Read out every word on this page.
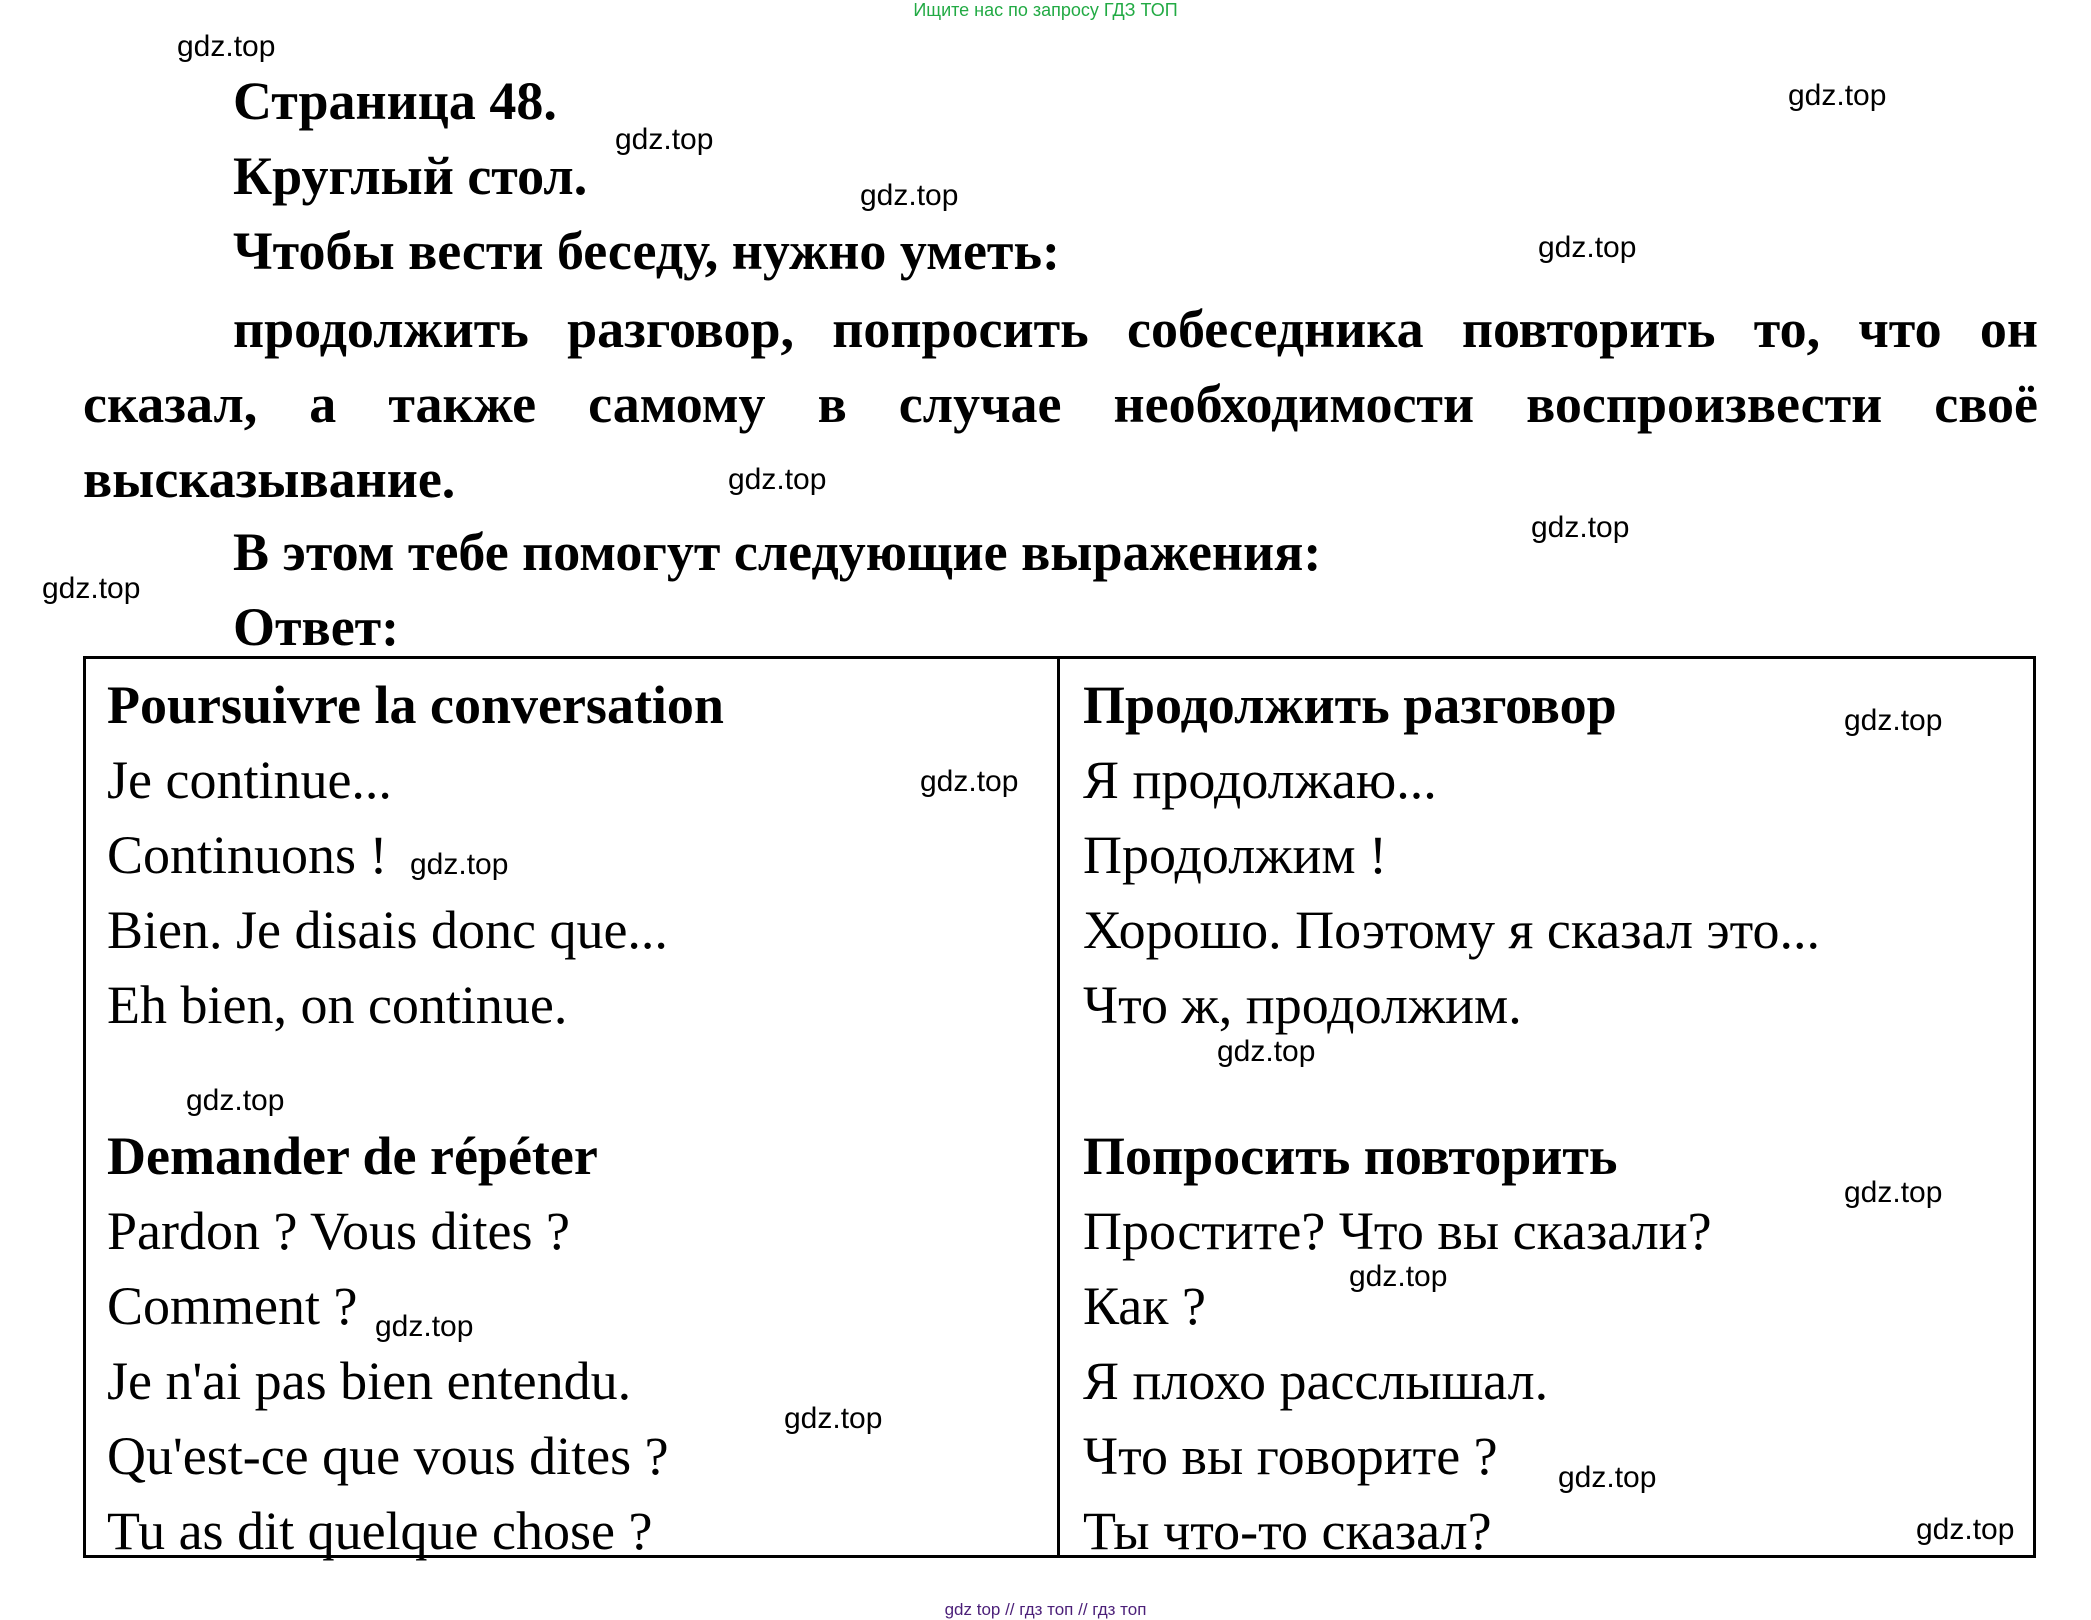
Ищите нас по запросу ГДЗ ТОП
gdz top // гдз топ // гдз топ
Страница 48.
Круглый стол.
Чтобы вести беседу, нужно уметь:
продолжить разговор, попросить собеседника повторить то, что он сказал, а также самому в случае необходимости воспроизвести своё высказывание.
В этом тебе помогут следующие выражения:
Ответ:
Poursuivre la conversation
Je continue...
Continuons !
Bien. Je disais donc que...
Eh bien, on continue.
Demander de répéter
Pardon ? Vous dites ?
Comment ?
Je n'ai pas bien entendu.
Qu'est-ce que vous dites ?
Tu as dit quelque chose ?
Продолжить разговор
Я продолжаю...
Продолжим !
Хорошо. Поэтому я сказал это...
Что ж, продолжим.
Попросить повторить
Простите? Что вы сказали?
Как ?
Я плохо расслышал.
Что вы говорите ?
Ты что-то сказал?
gdz.top
gdz.top
gdz.top
gdz.top
gdz.top
gdz.top
gdz.top
gdz.top
gdz.top
gdz.top
gdz.top
gdz.top
gdz.top
gdz.top
gdz.top
gdz.top
gdz.top
gdz.top
gdz.top
